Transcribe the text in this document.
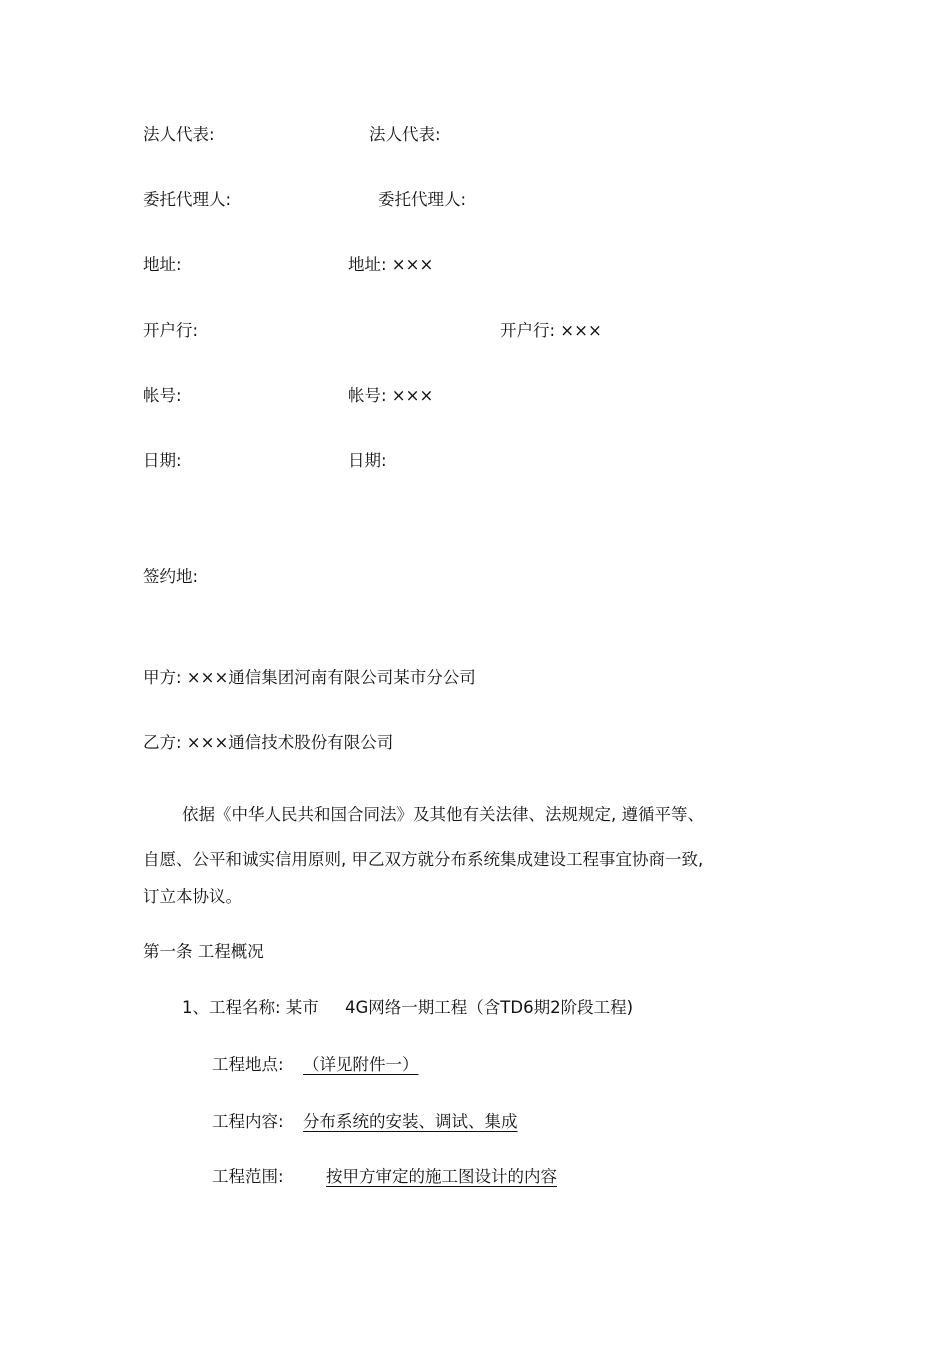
法人代表:	法人代表:
委托代理人:	委托代理人:
地址:	地址: ×××
开户行:	开户行: ×××
帐号:	帐号: ×××
日期:	日期:
签约地:
甲方: ×××通信集团河南有限公司某市分公司
乙方: ×××通信技术股份有限公司
依据《中华人民共和国合同法》及其他有关法律、法规规定, 遵循平等、
自愿、公平和诚实信用原则, 甲乙双方就分布系统集成建设工程事宜协商一致,
订立本协议。
第一条 工程概况
1、工程名称: 某市 4G网络一期工程（含TD6期2阶段工程)
工程地点: （详见附件一）
工程内容: 分布系统的安装、调试、集成
工程范围:	按甲方审定的施工图设计的内容
